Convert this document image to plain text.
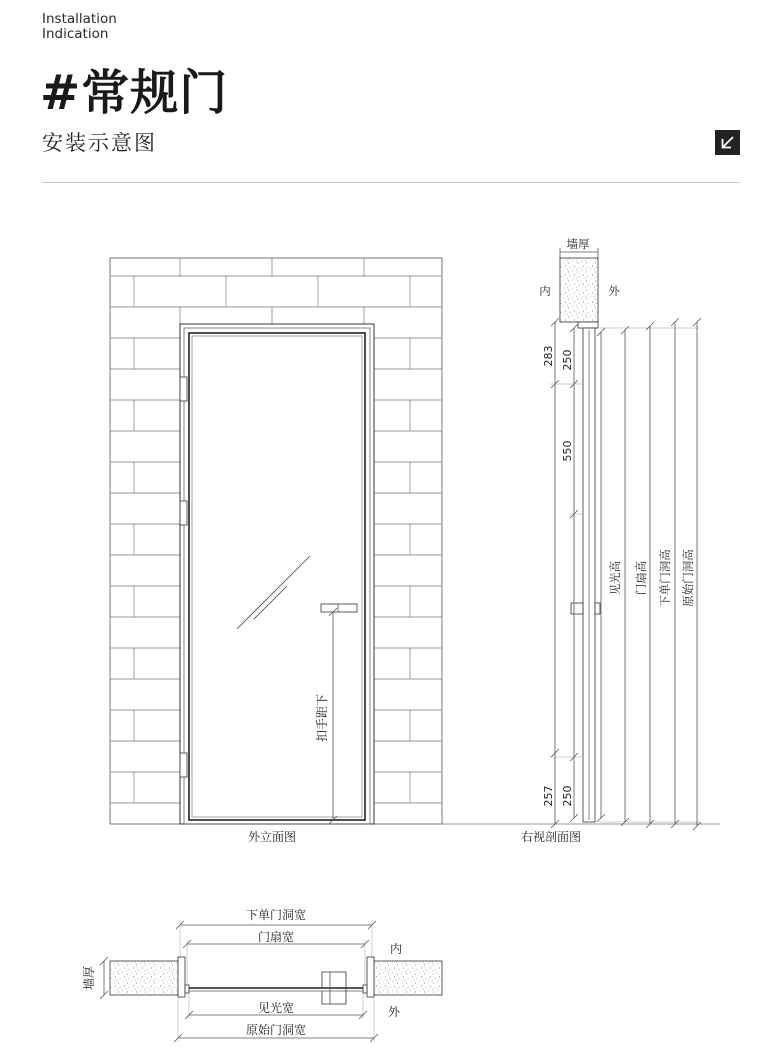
Installation
Indication
#常规门
安装示意图
扣手距下
外立面图
墙厚
内	外
283 250
550
257 250
见光高 门扇高 下单门洞高 原始门洞高
右视剖面图
下单门洞宽
门扇宽
见光宽
原始门洞宽
墙厚
内
外
